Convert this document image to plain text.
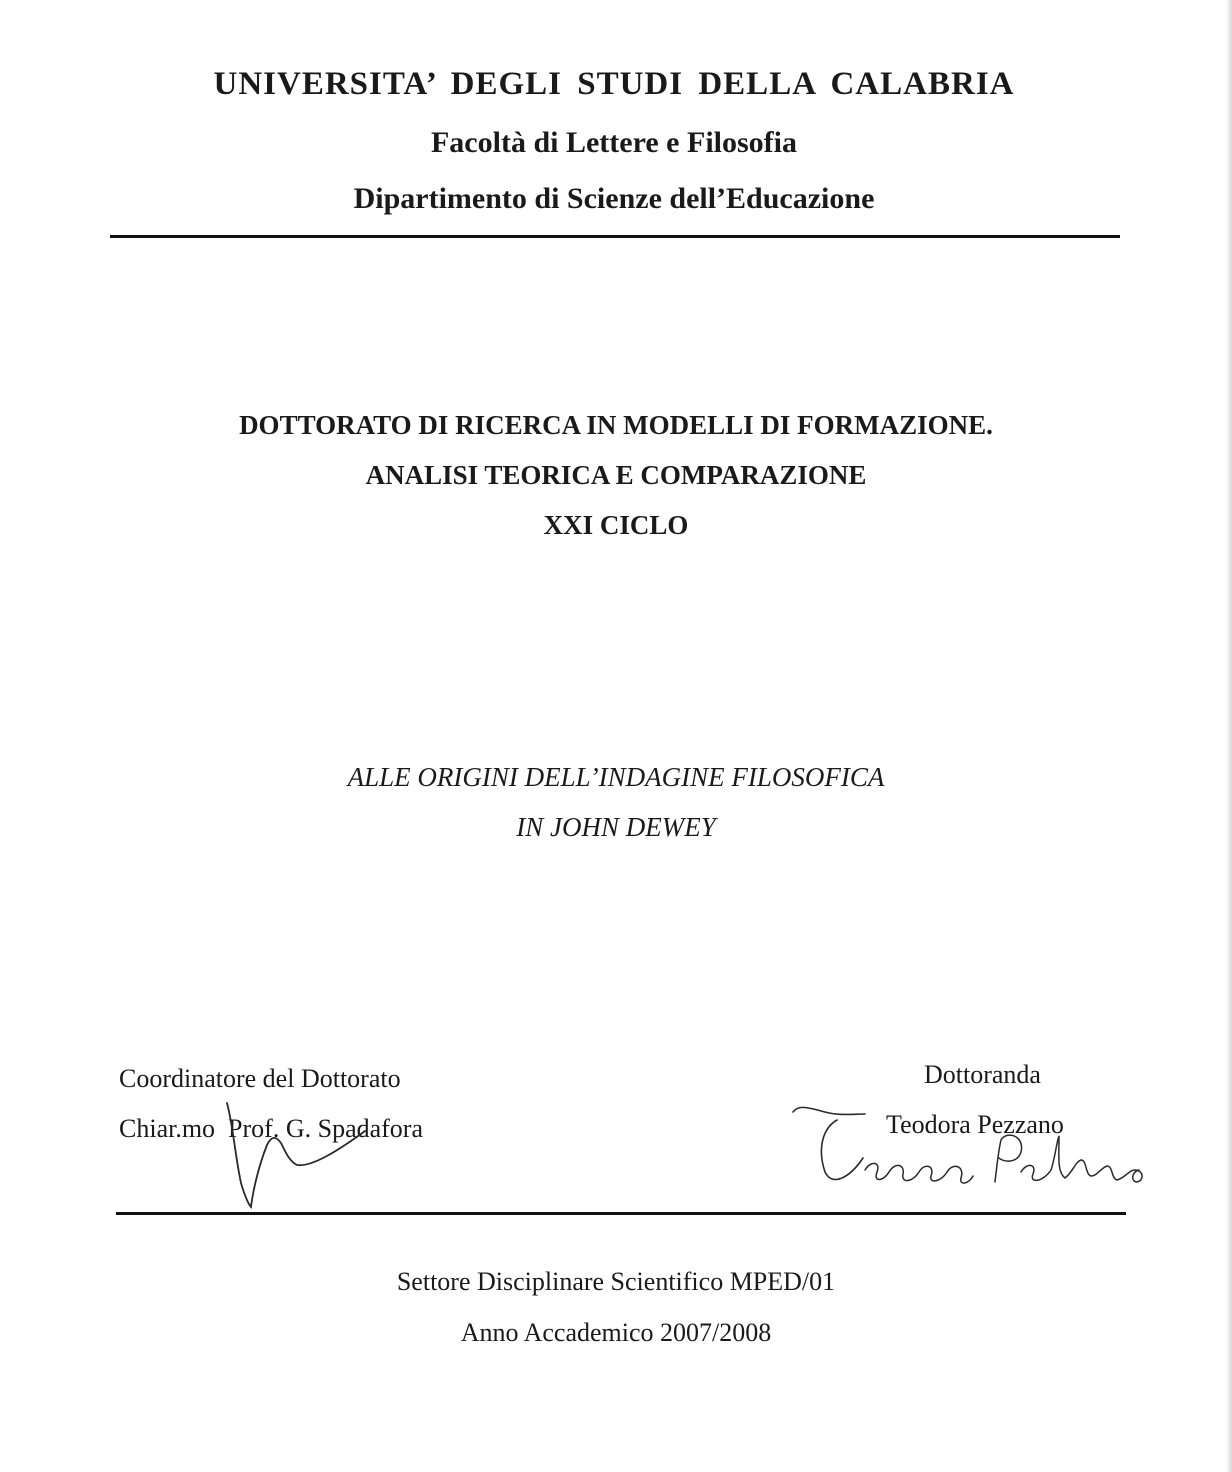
UNIVERSITA’ DEGLI STUDI DELLA CALABRIA
Facoltà di Lettere e Filosofia
Dipartimento di Scienze dell’Educazione
DOTTORATO DI RICERCA IN MODELLI DI FORMAZIONE.
ANALISI TEORICA E COMPARAZIONE
XXI CICLO
ALLE ORIGINI DELL’INDAGINE FILOSOFICA
IN JOHN DEWEY
Coordinatore del Dottorato
Chiar.mo  Prof. G. Spadafora
Dottoranda
Teodora Pezzano
Settore Disciplinare Scientifico MPED/01
Anno Accademico 2007/2008
